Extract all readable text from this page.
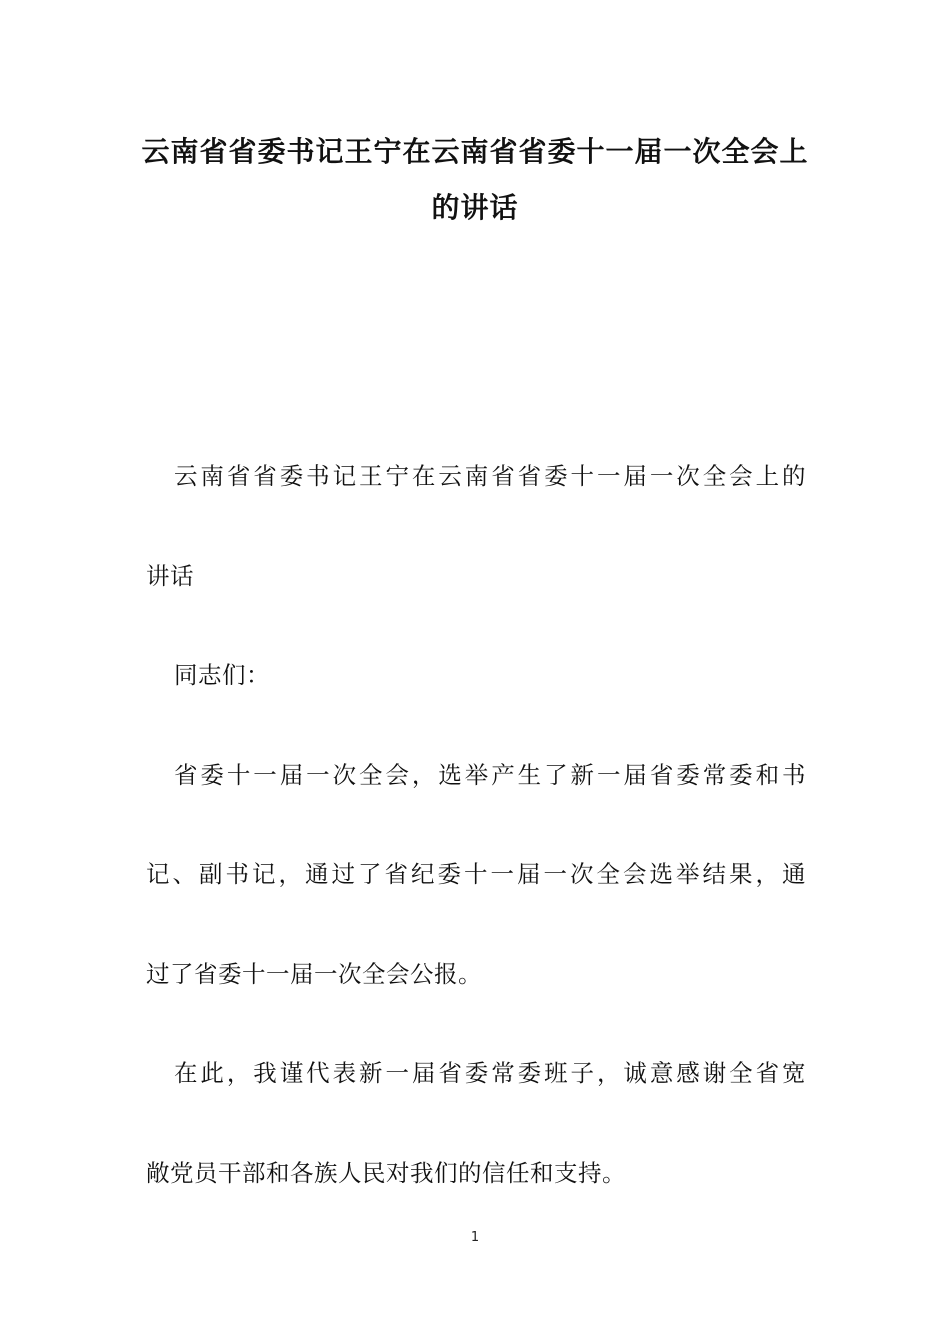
云南省省委书记王宁在云南省省委十一届一次全会上
的讲话
云南省省委书记王宁在云南省省委十一届一次全会上的
讲话
同志们：
省委十一届一次全会，选举产生了新一届省委常委和书
记、副书记，通过了省纪委十一届一次全会选举结果，通
过了省委十一届一次全会公报。
在此，我谨代表新一届省委常委班子，诚意感谢全省宽
敞党员干部和各族人民对我们的信任和支持。
1
